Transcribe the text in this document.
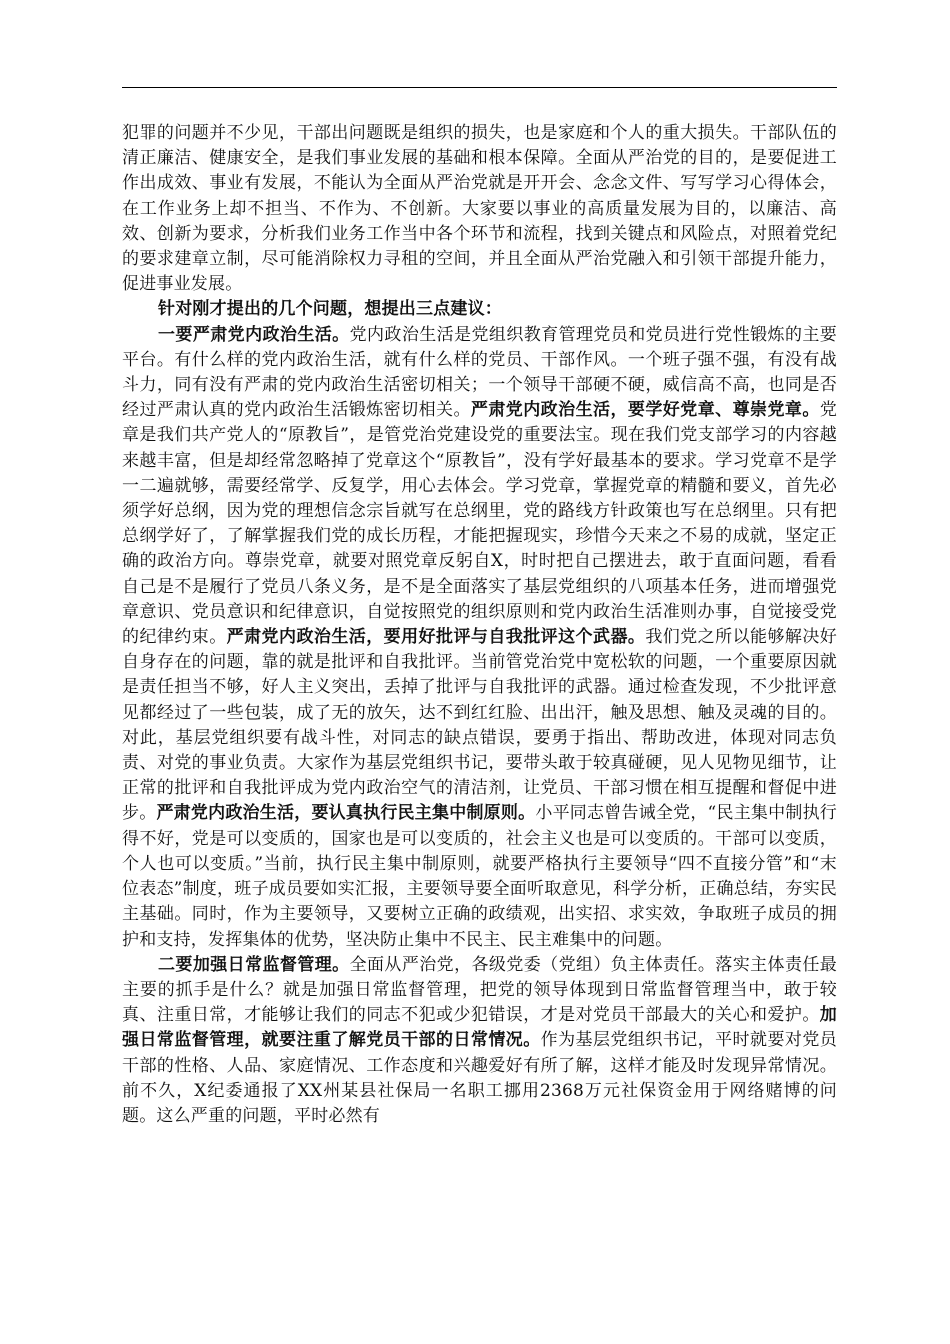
犯罪的问题并不少见，干部出问题既是组织的损失，也是家庭和个人的重大损失。干部队伍的清正廉洁、健康安全，是我们事业发展的基础和根本保障。全面从严治党的目的，是要促进工作出成效、事业有发展，不能认为全面从严治党就是开开会、念念文件、写写学习心得体会，在工作业务上却不担当、不作为、不创新。大家要以事业的高质量发展为目的，以廉洁、高效、创新为要求，分析我们业务工作当中各个环节和流程，找到关键点和风险点，对照着党纪的要求建章立制，尽可能消除权力寻租的空间，并且全面从严治党融入和引领干部提升能力，促进事业发展。

针对刚才提出的几个问题，想提出三点建议：

一要严肃党内政治生活。党内政治生活是党组织教育管理党员和党员进行党性锻炼的主要平台。有什么样的党内政治生活，就有什么样的党员、干部作风。一个班子强不强，有没有战斗力，同有没有严肃的党内政治生活密切相关；一个领导干部硬不硬，威信高不高，也同是否经过严肃认真的党内政治生活锻炼密切相关。严肃党内政治生活，要学好党章、尊崇党章。党章是我们共产党人的“原教旨”，是管党治党建设党的重要法宝。现在我们党支部学习的内容越来越丰富，但是却经常忽略掉了党章这个“原教旨”，没有学好最基本的要求。学习党章不是学一二遍就够，需要经常学、反复学，用心去体会。学习党章，掌握党章的精髓和要义，首先必须学好总纲，因为党的理想信念宗旨就写在总纲里，党的路线方针政策也写在总纲里。只有把总纲学好了，了解掌握我们党的成长历程，才能把握现实，珍惜今天来之不易的成就，坚定正确的政治方向。尊崇党章，就要对照党章反躬自X，时时把自己摆进去，敢于直面问题，看看自己是不是履行了党员八条义务，是不是全面落实了基层党组织的八项基本任务，进而增强党章意识、党员意识和纪律意识，自觉按照党的组织原则和党内政治生活准则办事，自觉接受党的纪律约束。严肃党内政治生活，要用好批评与自我批评这个武器。我们党之所以能够解决好自身存在的问题，靠的就是批评和自我批评。当前管党治党中宽松软的问题，一个重要原因就是责任担当不够，好人主义突出，丢掉了批评与自我批评的武器。通过检查发现，不少批评意见都经过了一些包装，成了无的放矢，达不到红红脸、出出汗，触及思想、触及灵魂的目的。对此，基层党组织要有战斗性，对同志的缺点错误，要勇于指出、帮助改进，体现对同志负责、对党的事业负责。大家作为基层党组织书记，要带头敢于较真碰硬，见人见物见细节，让正常的批评和自我批评成为党内政治空气的清洁剂，让党员、干部习惯在相互提醒和督促中进步。严肃党内政治生活，要认真执行民主集中制原则。小平同志曾告诫全党，“民主集中制执行得不好，党是可以变质的，国家也是可以变质的，社会主义也是可以变质的。干部可以变质，个人也可以变质。”当前，执行民主集中制原则，就要严格执行主要领导“四不直接分管”和“末位表态”制度，班子成员要如实汇报，主要领导要全面听取意见，科学分析，正确总结，夯实民主基础。同时，作为主要领导，又要树立正确的政绩观，出实招、求实效，争取班子成员的拥护和支持，发挥集体的优势，坚决防止集中不民主、民主难集中的问题。

二要加强日常监督管理。全面从严治党，各级党委（党组）负主体责任。落实主体责任最主要的抓手是什么？就是加强日常监督管理，把党的领导体现到日常监督管理当中，敢于较真、注重日常，才能够让我们的同志不犯或少犯错误，才是对党员干部最大的关心和爱护。加强日常监督管理，就要注重了解党员干部的日常情况。作为基层党组织书记，平时就要对党员干部的性格、人品、家庭情况、工作态度和兴趣爱好有所了解，这样才能及时发现异常情况。前不久，X纪委通报了XX州某县社保局一名职工挪用2368万元社保资金用于网络赌博的问题。这么严重的问题，平时必然有
